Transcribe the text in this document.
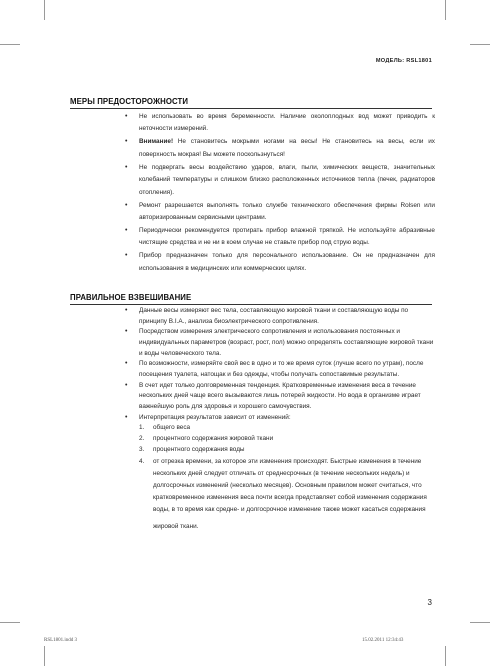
МОДЕЛЬ: RSL1801
МЕРЫ ПРЕДОСТОРОЖНОСТИ
• Не использовать во время беременности. Наличие околоплодных вод может приводить к неточности измерений.
• Внимание! Не становитесь мокрыми ногами на весы! Не становитесь на весы, если их поверхность мокрая! Вы можете поскользнуться!
• Не подвергать весы воздействию ударов, влаги, пыли, химических веществ, значительных колебаний температуры и слишком близко расположенных источников тепла (печек, радиаторов отопления).
• Ремонт разрешается выполнять только службе технического обеспечения фирмы Rolsen или авторизированным сервисными центрами.
• Периодически рекомендуется протирать прибор влажной тряпкой. Не используйте абразивные чистящие средства и не ни в коем случае не ставьте прибор под струю воды.
• Прибор предназначен только для персонального использование. Он не предназначен для использования в медицинских или коммерческих целях.
ПРАВИЛЬНОЕ ВЗВЕШИВАНИЕ
• Данные весы измеряют вес тела, составляющую жировой ткани и составляющую воды по принципу B.I.A., анализа биоэлектрического сопротивления.
• Посредством измерения электрического сопротивления и использования постоянных и индивидуальных параметров (возраст, рост, пол) можно определять составляющие жировой ткани и воды человеческого тела.
• По возможности, измеряйте свой вес в одно и то же время суток (лучше всего по утрам), после посещения туалета, натощак и без одежды, чтобы получать сопоставимые результаты.
• В счет идет только долговременная тенденция. Кратковременные изменения веса в течение нескольких дней чаще всего вызываются лишь потерей жидкости. Но вода в организме играет важнейшую роль для здоровья и хорошего самочувствия.
• Интерпретация результатов зависит от изменений:
1. общего веса
2. процентного содержания жировой ткани
3. процентного содержания воды
4. от отрезка времени, за которое эти изменения происходят. Быстрые изменения в течение нескольких дней следует отличать от среднесрочных (в течение нескольких недель) и долгосрочных изменений (несколько месяцев). Основным правилом может считаться, что кратковременное изменения веса почти всегда представляет собой изменения содержания воды, в то время как средне- и долгосрочное изменение также может касаться содержания
жировой ткани.
3
RSL1801.indd 3	15.02.2011 12:34:43
